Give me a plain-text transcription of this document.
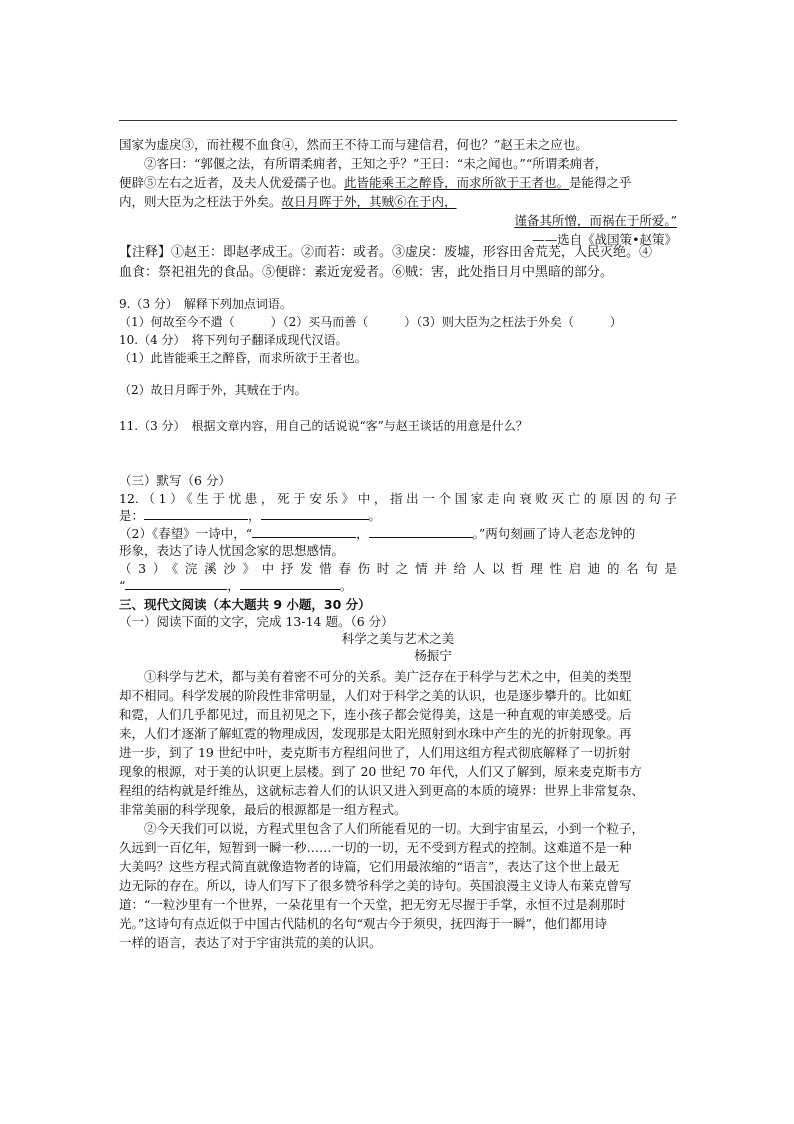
国家为虚戾③，而社稷不血食④，然而王不待工而与建信君，何也？”赵王未之应也。
②客曰：“郭偃之法，有所谓柔痈者，王知之乎？”王曰：“未之闻也。”“所谓柔痈者，
便辟⑤左右之近者，及夫人优爱孺子也。此皆能乘王之醉昏，而求所欲于王者也。是能得之乎
内，则大臣为之枉法于外矣。故日月晖于外，其贼⑥在于内，
谨备其所憎，而祸在于所爱。”
——选自《战国策•赵策》
【注释】①赵王：即赵孝成王。②而若：或者。③虚戾：废墟，形容田舍荒芜，人民灭绝。④
血食：祭祀祖先的食品。⑤便辟：素近宠爱者。⑥贼：害，此处指日月中黑暗的部分。
9.（3 分）　解释下列加点词语。
（1）何故至今不遣（　　　）（2）买马而善（　　　）（3）则大臣为之枉法于外矣（　　　）
10.（4 分）　将下列句子翻译成现代汉语。
（1）此皆能乘王之醉昏，而求所欲于王者也。
（2）故日月晖于外，其贼在于内。
11.（3 分）　根据文章内容，用自己的话说说“客”与赵王谈话的用意是什么？
（三）默写（6 分）
12.（1）《生于忧患，死于安乐》中，指出一个国家走向衰败灭亡的原因的句子
是：	，	。
（2）《春望》一诗中，“	，	。”两句刻画了诗人老态龙钟的
形象，表达了诗人忧国念家的思想感情。
（3）《浣溪沙》中抒发惜春伤时之情并给人以哲理性启迪的名句是
“	，	。
三、现代文阅读（本大题共 9 小题，30 分）
（一）阅读下面的文字，完成 13-14 题。（6 分）
科学之美与艺术之美
杨振宁
①科学与艺术，都与美有着密不可分的关系。美广泛存在于科学与艺术之中，但美的类型
却不相同。科学发展的阶段性非常明显，人们对于科学之美的认识，也是逐步攀升的。比如虹
和霓，人们几乎都见过，而且初见之下，连小孩子都会觉得美，这是一种直观的审美感受。后
来，人们才逐渐了解虹霓的物理成因，发现那是太阳光照射到水珠中产生的光的折射现象。再
进一步，到了 19 世纪中叶，麦克斯韦方程组问世了，人们用这组方程式彻底解释了一切折射
现象的根源，对于美的认识更上层楼。到了 20 世纪 70 年代，人们又了解到，原来麦克斯韦方
程组的结构就是纤维丛，这就标志着人们的认识又进入到更高的本质的境界：世界上非常复杂、
非常美丽的科学现象，最后的根源都是一组方程式。
②今天我们可以说，方程式里包含了人们所能看见的一切。大到宇宙星云，小到一个粒子，
久远到一百亿年，短暂到一瞬一秒……一切的一切，无不受到方程式的控制。这难道不是一种
大美吗？这些方程式简直就像造物者的诗篇，它们用最浓缩的“语言”，表达了这个世上最无
边无际的存在。所以，诗人们写下了很多赞爷科学之美的诗句。英国浪漫主义诗人布莱克曾写
道：“一粒沙里有一个世界，一朵花里有一个天堂，把无穷无尽握于手掌，永恒不过是刹那时
光。”这诗句有点近似于中国古代陆机的名句“观古今于须臾，抚四海于一瞬”，他们都用诗
一样的语言，表达了对于宇宙洪荒的美的认识。
